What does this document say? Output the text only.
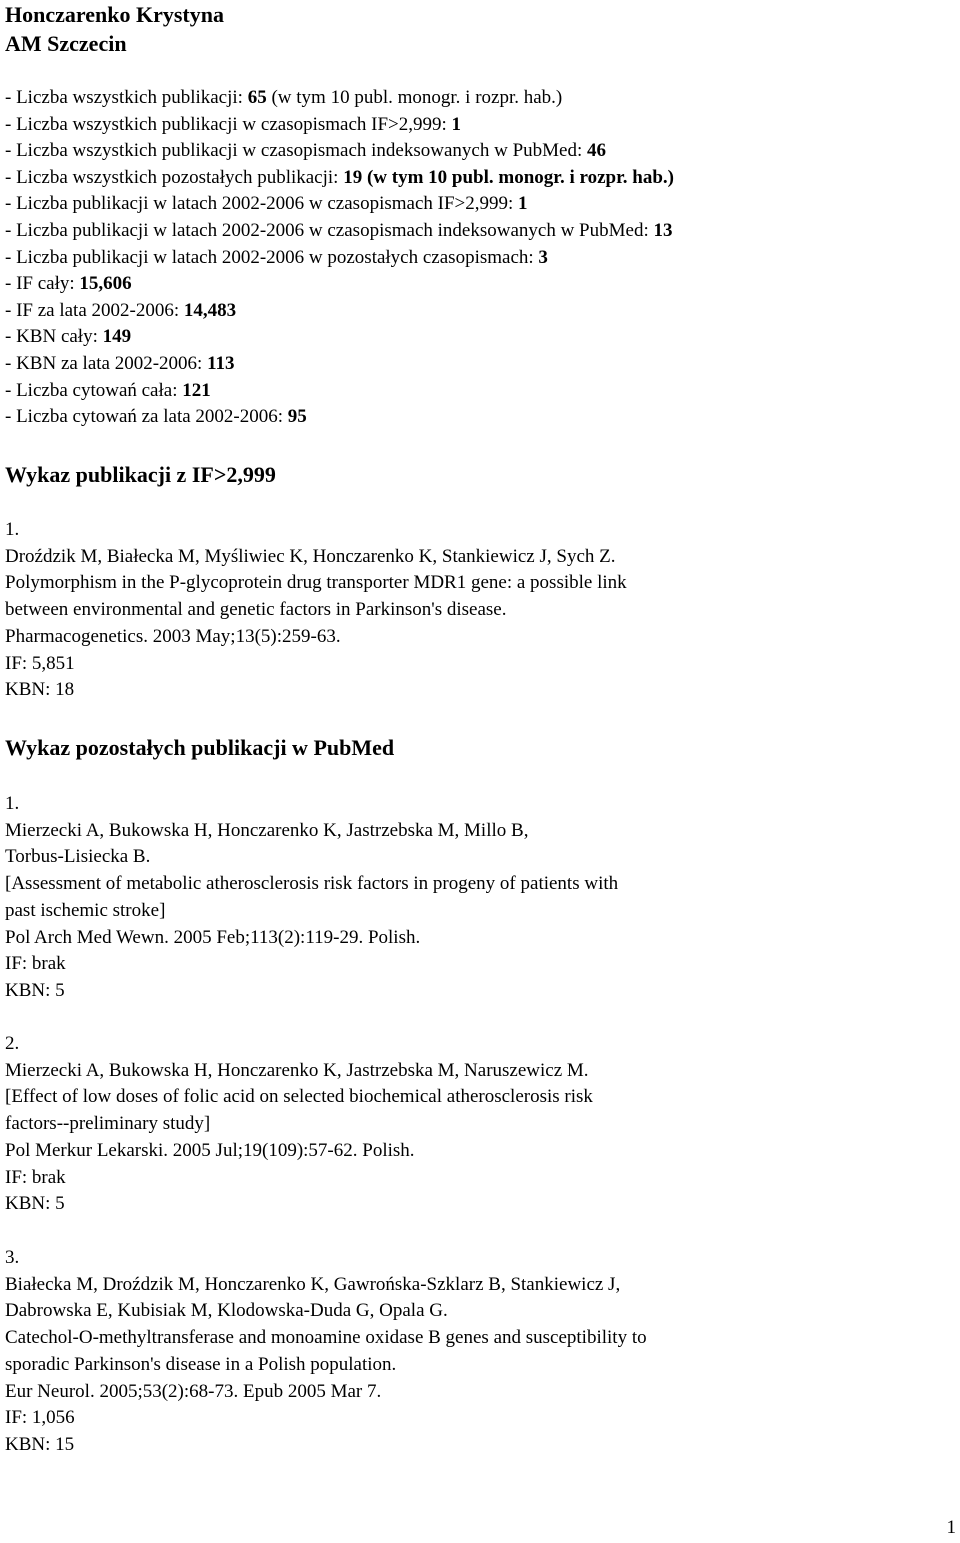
Honczarenko Krystyna
AM Szczecin
- Liczba wszystkich publikacji: 65 (w tym 10 publ. monogr. i rozpr. hab.)
- Liczba wszystkich publikacji w czasopismach IF>2,999: 1
- Liczba wszystkich publikacji w czasopismach indeksowanych w PubMed: 46
- Liczba wszystkich pozostałych publikacji: 19 (w tym 10 publ. monogr. i rozpr. hab.)
- Liczba publikacji w latach 2002-2006 w czasopismach IF>2,999: 1
- Liczba publikacji w latach 2002-2006 w czasopismach indeksowanych w PubMed: 13
- Liczba publikacji w latach 2002-2006 w pozostałych czasopismach: 3
- IF cały: 15,606
- IF za lata 2002-2006: 14,483
- KBN cały: 149
- KBN za lata 2002-2006: 113
- Liczba cytowań cała: 121
- Liczba cytowań za lata 2002-2006: 95
Wykaz publikacji z IF>2,999
1.
Droździk M, Białecka M, Myśliwiec K, Honczarenko K, Stankiewicz J, Sych Z.
Polymorphism in the P-glycoprotein drug transporter MDR1 gene: a possible link
between environmental and genetic factors in Parkinson's disease.
Pharmacogenetics. 2003 May;13(5):259-63.
IF: 5,851
KBN: 18
Wykaz pozostałych publikacji w PubMed
1.
Mierzecki A, Bukowska H, Honczarenko K, Jastrzebska M, Millo B,
Torbus-Lisiecka B.
[Assessment of metabolic atherosclerosis risk factors in progeny of patients with
past ischemic stroke]
Pol Arch Med Wewn. 2005 Feb;113(2):119-29. Polish.
IF: brak
KBN: 5
2.
Mierzecki A, Bukowska H, Honczarenko K, Jastrzebska M, Naruszewicz M.
[Effect of low doses of folic acid on selected biochemical atherosclerosis risk
factors--preliminary study]
Pol Merkur Lekarski. 2005 Jul;19(109):57-62. Polish.
IF: brak
KBN: 5
3.
Białecka M, Droździk M, Honczarenko K, Gawrońska-Szklarz B, Stankiewicz J,
Dabrowska E, Kubisiak M, Klodowska-Duda G, Opala G.
Catechol-O-methyltransferase and monoamine oxidase B genes and susceptibility to
sporadic Parkinson's disease in a Polish population.
Eur Neurol. 2005;53(2):68-73. Epub 2005 Mar 7.
IF: 1,056
KBN: 15
1
